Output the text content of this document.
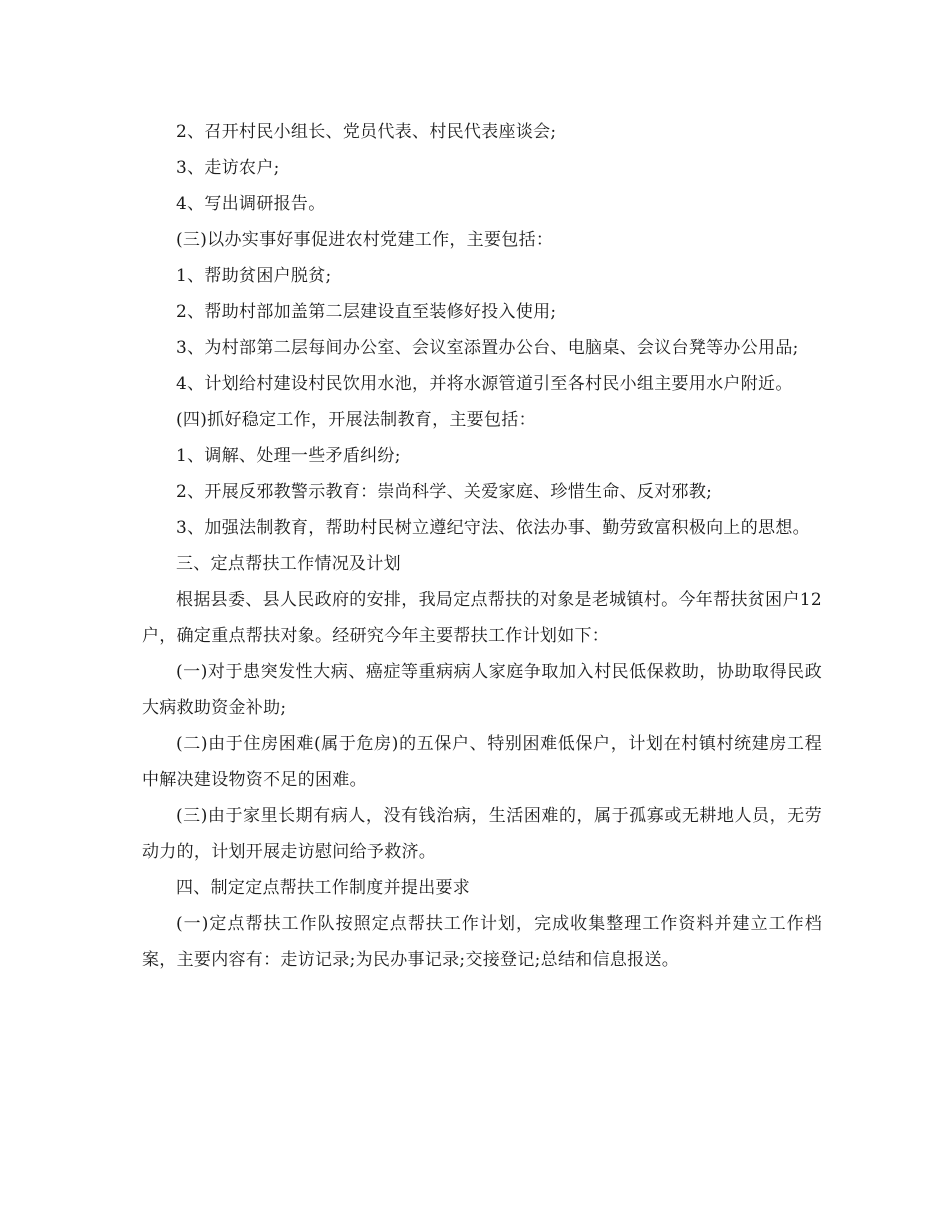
2、召开村民小组长、党员代表、村民代表座谈会;

3、走访农户;

4、写出调研报告。

(三)以办实事好事促进农村党建工作，主要包括：

1、帮助贫困户脱贫;

2、帮助村部加盖第二层建设直至装修好投入使用;

3、为村部第二层每间办公室、会议室添置办公台、电脑桌、会议台凳等办公用品;

4、计划给村建设村民饮用水池，并将水源管道引至各村民小组主要用水户附近。

(四)抓好稳定工作，开展法制教育，主要包括：

1、调解、处理一些矛盾纠纷;

2、开展反邪教警示教育：崇尚科学、关爱家庭、珍惜生命、反对邪教;

3、加强法制教育，帮助村民树立遵纪守法、依法办事、勤劳致富积极向上的思想。

三、定点帮扶工作情况及计划

根据县委、县人民政府的安排，我局定点帮扶的对象是老城镇村。今年帮扶贫困户12户，确定重点帮扶对象。经研究今年主要帮扶工作计划如下：

(一)对于患突发性大病、癌症等重病病人家庭争取加入村民低保救助，协助取得民政大病救助资金补助;

(二)由于住房困难(属于危房)的五保户、特别困难低保户，计划在村镇村统建房工程中解决建设物资不足的困难。

(三)由于家里长期有病人，没有钱治病，生活困难的，属于孤寡或无耕地人员，无劳动力的，计划开展走访慰问给予救济。

四、制定定点帮扶工作制度并提出要求

(一)定点帮扶工作队按照定点帮扶工作计划，完成收集整理工作资料并建立工作档案，主要内容有：走访记录;为民办事记录;交接登记;总结和信息报送。
